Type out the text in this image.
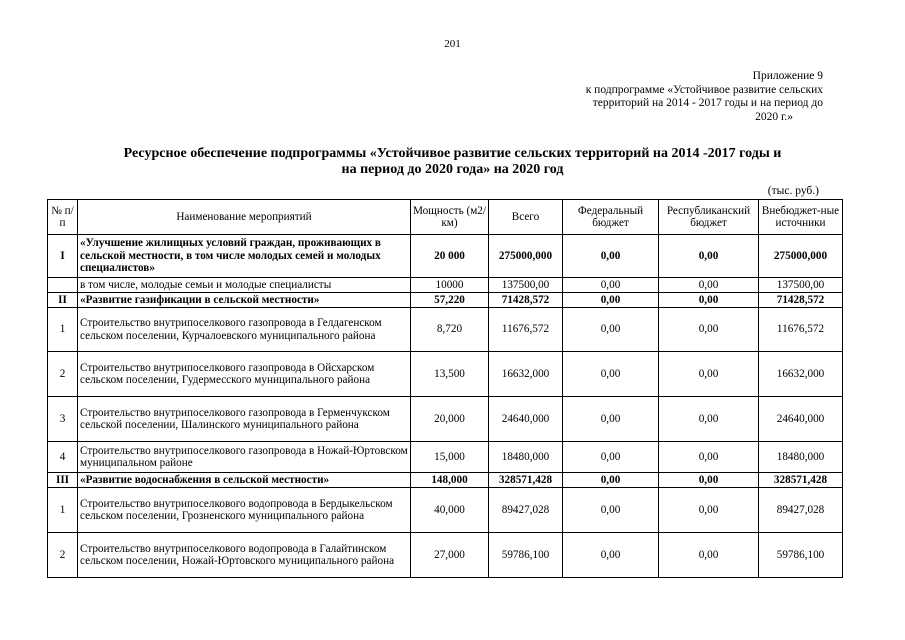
201
Приложение 9
к подпрограмме «Устойчивое развитие сельских
территорий на 2014 - 2017 годы и на период до
2020 г.»
Ресурсное обеспечение подпрограммы «Устойчивое развитие сельских территорий на 2014 -2017 годы и
на период до 2020 года» на 2020 год
(тыс. руб.)
№ п/п	Наименование мероприятий	Мощность (м2/км)	Всего	Федеральный бюджет	Республиканский бюджет	Внебюджет-ные источники
I	«Улучшение жилищных условий граждан, проживающих в сельской местности, в том числе молодых семей и молодых специалистов»	20 000	275000,000	0,00	0,00	275000,000
	в том числе, молодые семьи и молодые специалисты	10000	137500,00	0,00	0,00	137500,00
II	«Развитие газификации в сельской местности»	57,220	71428,572	0,00	0,00	71428,572
1	Строительство внутрипоселкового газопровода в Гелдагенском сельском поселении, Курчалоевского муниципального района	8,720	11676,572	0,00	0,00	11676,572
2	Строительство внутрипоселкового газопровода в Ойсхарском сельском поселении, Гудермесского муниципального района	13,500	16632,000	0,00	0,00	16632,000
3	Строительство внутрипоселкового газопровода в Герменчукском сельской поселении, Шалинского муниципального района	20,000	24640,000	0,00	0,00	24640,000
4	Строительство внутрипоселкового газопровода в Ножай-Юртовском муниципальном районе	15,000	18480,000	0,00	0,00	18480,000
III	«Развитие водоснабжения в сельской местности»	148,000	328571,428	0,00	0,00	328571,428
1	Строительство внутрипоселкового водопровода в Бердыкельском сельском поселении, Грозненского муниципального района	40,000	89427,028	0,00	0,00	89427,028
2	Строительство внутрипоселкового водопровода в Галайтинском сельском поселении, Ножай-Юртовского муниципального района	27,000	59786,100	0,00	0,00	59786,100
